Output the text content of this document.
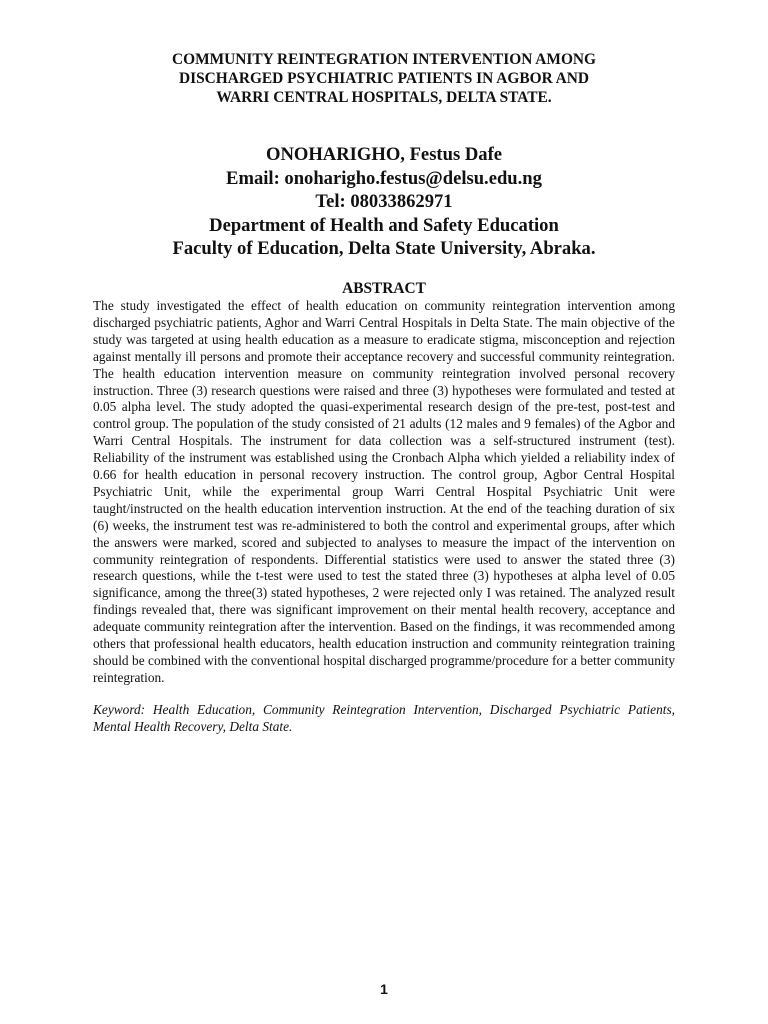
COMMUNITY REINTEGRATION INTERVENTION AMONG
DISCHARGED PSYCHIATRIC PATIENTS IN AGBOR AND
WARRI CENTRAL HOSPITALS, DELTA STATE.
ONOHARIGHO, Festus Dafe
Email: onoharigho.festus@delsu.edu.ng
Tel: 08033862971
Department of Health and Safety Education
Faculty of Education, Delta State University, Abraka.
ABSTRACT
The study investigated the effect of health education on community reintegration intervention among discharged psychiatric patients, Aghor and Warri Central Hospitals in Delta State. The main objective of the study was targeted at using health education as a measure to eradicate stigma, misconception and rejection against mentally ill persons and promote their acceptance recovery and successful community reintegration. The health education intervention measure on community reintegration involved personal recovery instruction. Three (3) research questions were raised and three (3) hypotheses were formulated and tested at 0.05 alpha level. The study adopted the quasi-experimental research design of the pre-test, post-test and control group. The population of the study consisted of 21 adults (12 males and 9 females) of the Agbor and Warri Central Hospitals. The instrument for data collection was a self-structured instrument (test). Reliability of the instrument was established using the Cronbach Alpha which yielded a reliability index of 0.66 for health education in personal recovery instruction. The control group, Agbor Central Hospital Psychiatric Unit, while the experimental group Warri Central Hospital Psychiatric Unit were taught/instructed on the health education intervention instruction. At the end of the teaching duration of six (6) weeks, the instrument test was re-administered to both the control and experimental groups, after which the answers were marked, scored and subjected to analyses to measure the impact of the intervention on community reintegration of respondents. Differential statistics were used to answer the stated three (3) research questions, while the t-test were used to test the stated three (3) hypotheses at alpha level of 0.05 significance, among the three(3) stated hypotheses, 2 were rejected only I was retained. The analyzed result findings revealed that, there was significant improvement on their mental health recovery, acceptance and adequate community reintegration after the intervention. Based on the findings, it was recommended among others that professional health educators, health education instruction and community reintegration training should be combined with the conventional hospital discharged programme/procedure for a better community reintegration.
Keyword: Health Education, Community Reintegration Intervention, Discharged Psychiatric Patients, Mental Health Recovery, Delta State.
1
